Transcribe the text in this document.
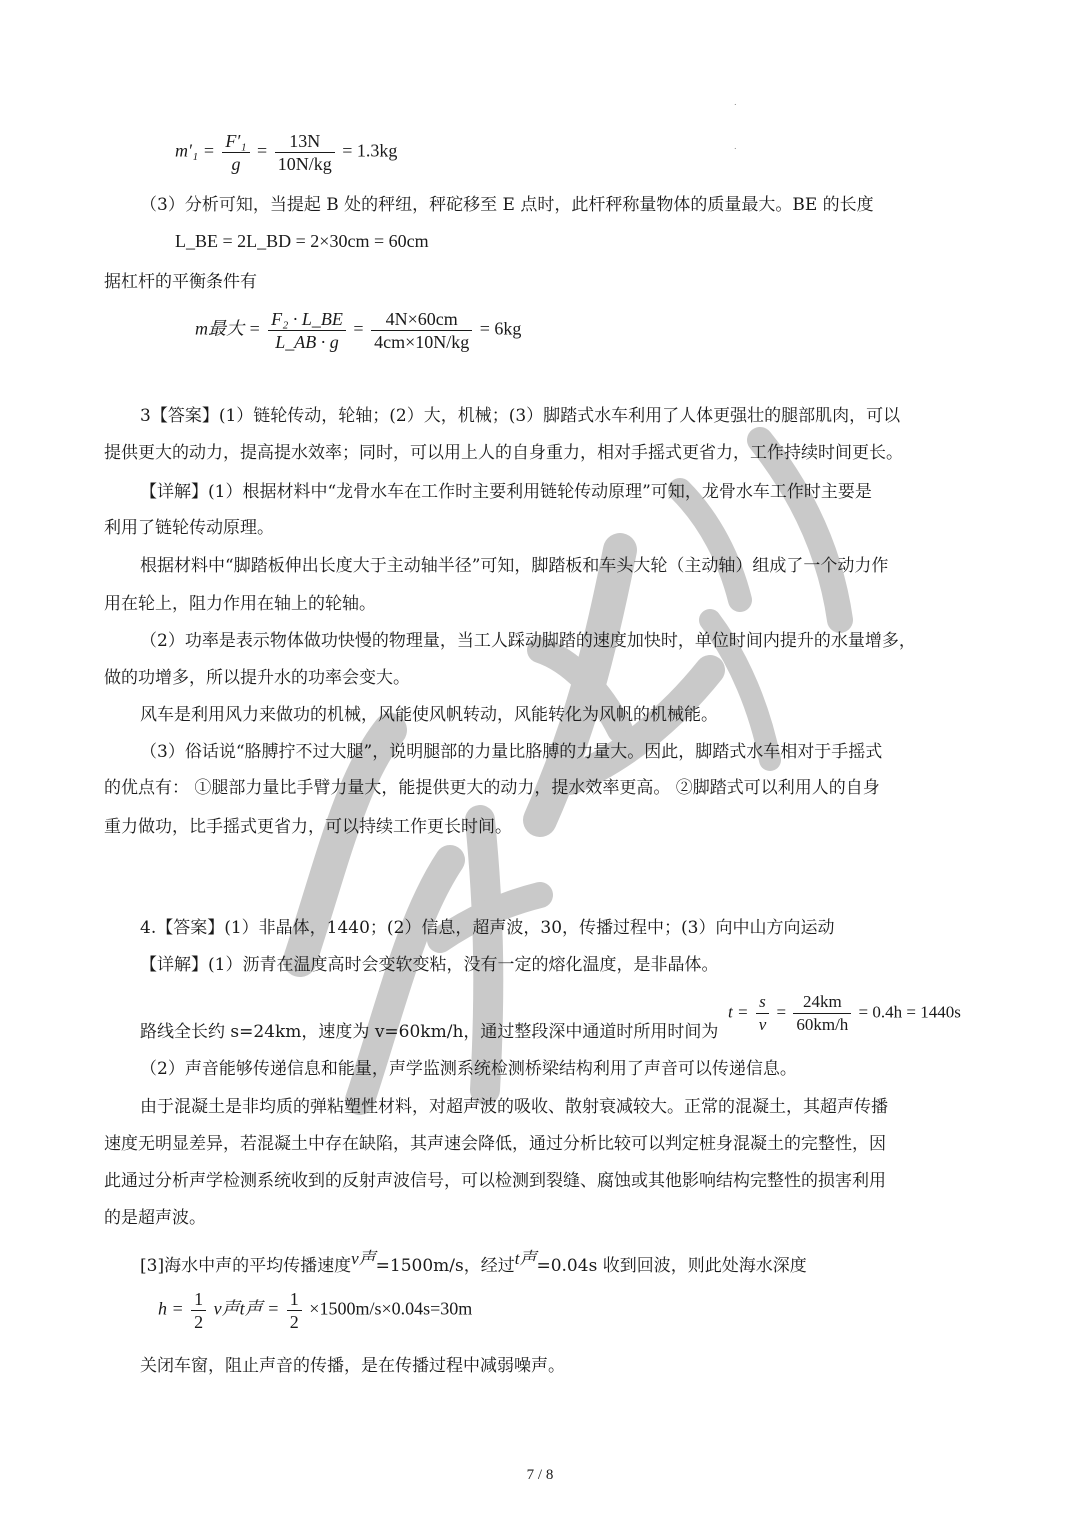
.

.
$m'_1 = \frac{\text{F′₁}}{g} = \frac{13N}{10N/kg} = 1.3kg$
（3）分析可知，当提起 B 处的秤纽，秤砣移至 E 点时，此杆秤称量物体的质量最大。BE 的长度
L_BE = 2L_BD = 2×30cm = 60cm
据杠杆的平衡条件有
m最大 = $\frac{\text{F₂ · L\_BE}}{L\_AB \cdot g} = \frac{4N\times 60cm}{4cm\times 10N/kg} = 6kg$
3【答案】(1）链轮传动，轮轴；(2）大，机械；(3）脚踏式水车利用了人体更强壮的腿部肌肉，可以
提供更大的动力，提高提水效率；同时，可以用上人的自身重力，相对手摇式更省力，工作持续时间更长。
【详解】(1）根据材料中“龙骨水车在工作时主要利用链轮传动原理”可知，龙骨水车工作时主要是
利用了链轮传动原理。
根据材料中“脚踏板伸出长度大于主动轴半径”可知，脚踏板和车头大轮（主动轴）组成了一个动力作
用在轮上，阻力作用在轴上的轮轴。
（2）功率是表示物体做功快慢的物理量，当工人踩动脚踏的速度加快时，单位时间内提升的水量增多，
做的功增多，所以提升水的功率会变大。
风车是利用风力来做功的机械，风能使风帆转动，风能转化为风帆的机械能。
（3）俗话说“胳膊拧不过大腿”，说明腿部的力量比胳膊的力量大。因此，脚踏式水车相对于手摇式
的优点有： ①腿部力量比手臂力量大，能提供更大的动力，提水效率更高。 ②脚踏式可以利用人的自身
重力做功，比手摇式更省力，可以持续工作更长时间。
4.【答案】(1）非晶体，1440；(2）信息，超声波，30，传播过程中；(3）向中山方向运动
【详解】(1）沥青在温度高时会变软变粘，没有一定的熔化温度，是非晶体。
路线全长约 s=24km，速度为 v=60km/h，通过整段深中通道时所用时间为
$t = \frac{s}{v} = \frac{24km}{60km/h} = 0.4h = 1440s$
（2）声音能够传递信息和能量，声学监测系统检测桥梁结构利用了声音可以传递信息。
由于混凝土是非均质的弹粘塑性材料，对超声波的吸收、散射衰减较大。正常的混凝土，其超声传播
速度无明显差异，若混凝土中存在缺陷，其声速会降低，通过分析比较可以判定桩身混凝土的完整性，因
此通过分析声学检测系统收到的反射声波信号，可以检测到裂缝、腐蚀或其他影响结构完整性的损害利用
的是超声波。
[3]海水中声的平均传播速度v声=1500m/s，经过t声=0.04s 收到回波，则此处海水深度
$h = \frac{1}{2}$ v声t声 = $\frac{1}{2} \times 1500m/s\times 0.04s=30m$
关闭车窗，阻止声音的传播，是在传播过程中减弱噪声。
7 / 8
